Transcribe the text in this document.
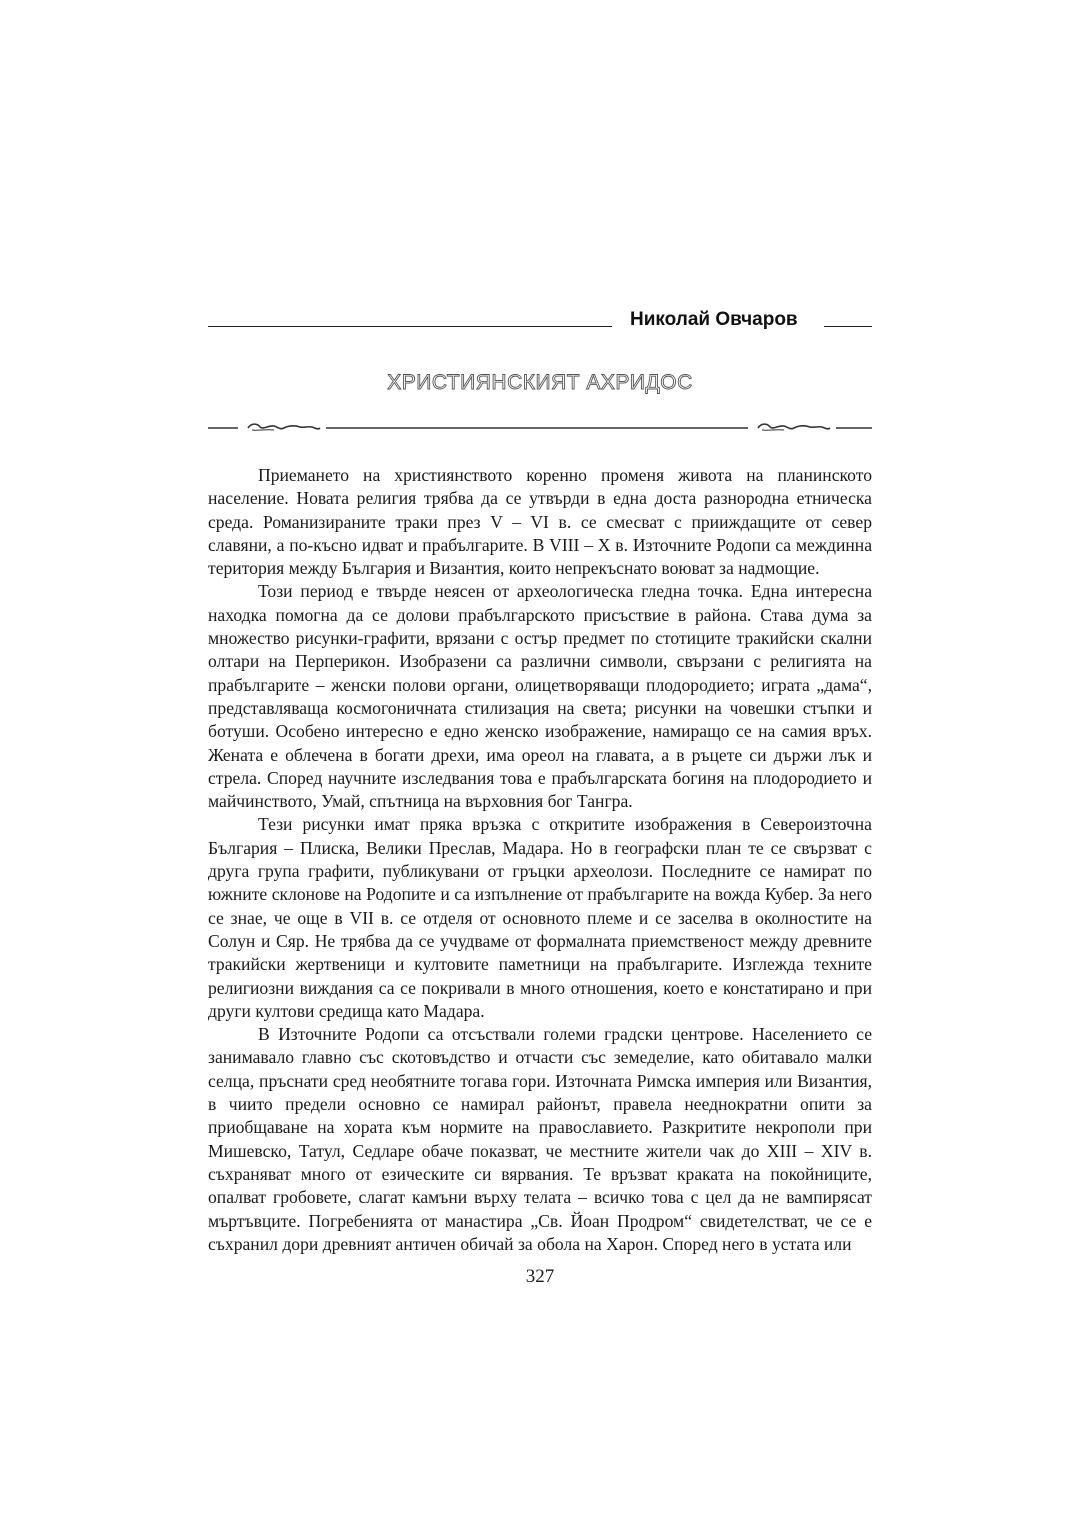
Николай Овчаров
ХРИСТИЯНСКИЯТ АХРИДОС

Приемането на християнството коренно променя живота на планинското население. Новата религия трябва да се утвърди в една доста разнородна етническа среда. Романизираните траки през V – VI в. се смесват с прииждащите от север славяни, а по-късно идват и прабългарите. В VIII – X в. Източните Родопи са междинна територия между България и Византия, които непрекъснато воюват за надмощие.

Този период е твърде неясен от археологическа гледна точка. Една интересна находка помогна да се долови прабългарското присъствие в района. Става дума за множество рисунки-графити, врязани с остър предмет по стотиците тракийски скални олтари на Перперикон. Изобразени са различни символи, свързани с религията на прабългарите – женски полови органи, олицетворяващи плодородието; играта „дама“, представляваща космогоничната стилизация на света; рисунки на човешки стъпки и ботуши. Особено интересно е едно женско изображение, намиращо се на самия връх. Жената е облечена в богати дрехи, има ореол на главата, а в ръцете си държи лък и стрела. Според научните изследвания това е прабългарската богиня на плодородието и майчинството, Умай, спътница на върховния бог Тангра.

Тези рисунки имат пряка връзка с откритите изображения в Североизточна България – Плиска, Велики Преслав, Мадара. Но в географски план те се свързват с друга група графити, публикувани от гръцки археолози. Последните се намират по южните склонове на Родопите и са изпълнение от прабългарите на вожда Кубер. За него се знае, че още в VII в. се отделя от основното племе и се заселва в околностите на Солун и Сяр. Не трябва да се учудваме от формалната приемственост между древните тракийски жертвеници и култовите паметници на прабългарите. Изглежда техните религиозни виждания са се покривали в много отношения, което е констатирано и при други култови средища като Мадара.

В Източните Родопи са отсъствали големи градски центрове. Населението се занимавало главно със скотовъдство и отчасти със земеделие, като обитавало малки селца, пръснати сред необятните тогава гори. Източната Римска империя или Византия, в чиито предели основно се намирал районът, правела нееднократни опити за приобщаване на хората към нормите на православието. Разкритите некрополи при Мишевско, Татул, Седларе обаче показват, че местните жители чак до XIII – XIV в. съхраняват много от езическите си вярвания. Те връзват краката на покойниците, опалват гробовете, слагат камъни върху телата – всичко това с цел да не вампирясат мъртъвците. Погребенията от манастира „Св. Йоан Продром“ свидетелстват, че се е съхранил дори древният античен обичай за обола на Харон. Според него в устата или

327
